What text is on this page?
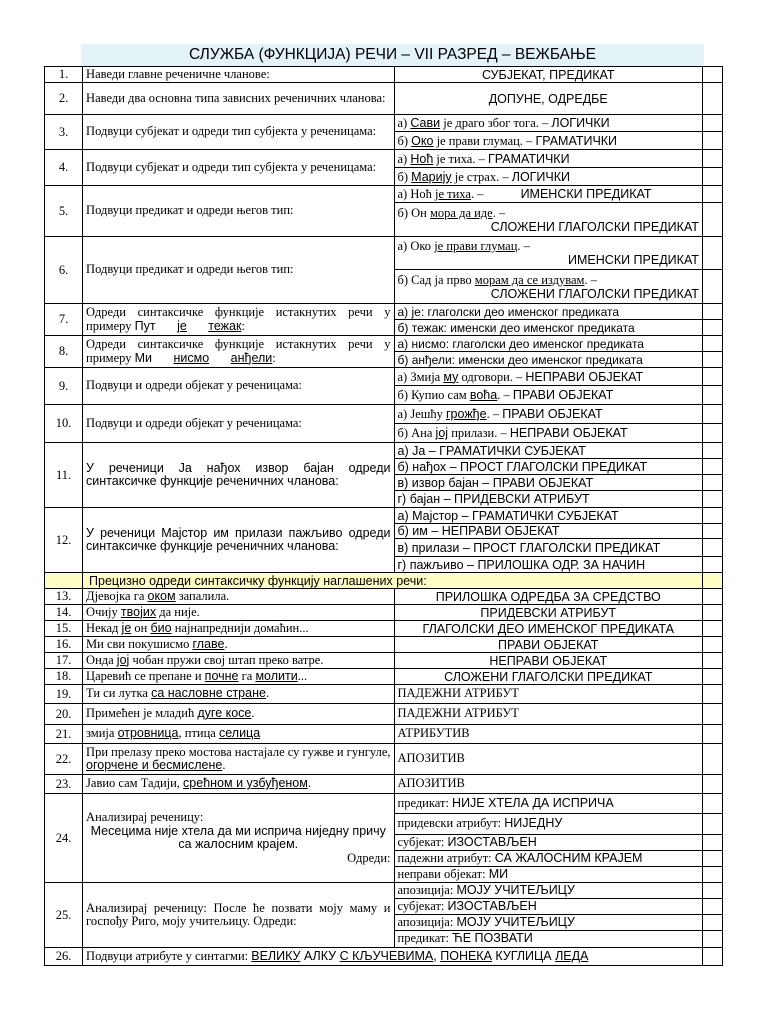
СЛУЖБА (ФУНКЦИЈА) РЕЧИ – VII РАЗРЕД – ВЕЖБАЊЕ
1.	Наведи главне реченичне чланове:	СУБЈЕКАТ, ПРЕДИКАТ	
2.	Наведи два основна типа зависних реченичних чланова:	ДОПУНЕ, ОДРЕДБЕ	
3.	Подвуци субјекат и одреди тип субјекта у реченицама:	а) Сави је драго због тога. – ЛОГИЧКИ	
		б) Око је прави глумац. – ГРАМАТИЧКИ	
4.	Подвуци субјекат и одреди тип субјекта у реченицама:	а) Ноћ је тиха. – ГРАМАТИЧКИ	
		б) Марију је страх. – ЛОГИЧКИ	
5.	Подвуци предикат и одреди његов тип:	а) Ноћ је тиха. – ИМЕНСКИ ПРЕДИКАТ	
		б) Он мора да иде. –
СЛОЖЕНИ ГЛАГОЛСКИ ПРЕДИКАТ	

6.	Подвуци предикат и одреди његов тип:	а) Око је прави глумац. –
ИМЕНСКИ ПРЕДИКАТ	

		б) Сад ја прво морам да се издувам. –
СЛОЖЕНИ ГЛАГОЛСКИ ПРЕДИКАТ	

7.	Одреди синтаксичке функције истакнутих речи у примеру Пут је тежак:	а) је: глаголски део именског предиката	
		б) тежак: именски део именског предиката	
8.	Одреди синтаксичке функције истакнутих речи у примеру Ми нисмо анђели:	а) нисмо: глаголски део именског предиката	
		б) анђели: именски део именског предиката	
9.	Подвуци и одреди објекат у реченицама:	а) Змија му одговори. – НЕПРАВИ ОБЈЕКАТ	
		б) Купио сам воћа. – ПРАВИ ОБЈЕКАТ	
10.	Подвуци и одреди објекат у реченицама:	а) Јешћу грожђе. – ПРАВИ ОБЈЕКАТ	
		б) Ана јој прилази. – НЕПРАВИ ОБЈЕКАТ	
11.	У реченици Ја нађох извор бајан одреди синтаксичке функције реченичних чланова:	а) Ја – ГРАМАТИЧКИ СУБЈЕКАТ	
		б) нађох – ПРОСТ ГЛАГОЛСКИ ПРЕДИКАТ	
		в) извор бајан – ПРАВИ ОБЈЕКАТ	
		г) бајан – ПРИДЕВСКИ АТРИБУТ	
12.	У реченици Мајстор им прилази пажљиво одреди синтаксичке функције реченичних чланова:	а) Мајстор – ГРАМАТИЧКИ СУБЈЕКАТ	
		б) им – НЕПРАВИ ОБЈЕКАТ	
		в) прилази – ПРОСТ ГЛАГОЛСКИ ПРЕДИКАТ	
		г) пажљиво – ПРИЛОШКА ОДР. ЗА НАЧИН	
	Прецизно одреди синтаксичку функцију наглашених речи:		
13.	Дјевојка га оком запалила.	ПРИЛОШКА ОДРЕДБА ЗА СРЕДСТВО	
14.	Очију твојих да није.	ПРИДЕВСКИ АТРИБУТ	
15.	Некад је он био најнапреднији домаћин...	ГЛАГОЛСКИ ДЕО ИМЕНСКОГ ПРЕДИКАТА	
16.	Ми сви покушисмо главе.	ПРАВИ ОБЈЕКАТ	
17.	Онда јој чобан пружи свој штап преко ватре.	НЕПРАВИ ОБЈЕКАТ	
18.	Царевић се препане и почне га молити...	СЛОЖЕНИ ГЛАГОЛСКИ ПРЕДИКАТ	
19.	Ти си лутка са насловне стране.	ПАДЕЖНИ АТРИБУТ	
20.	Примећен је младић дуге косе.	ПАДЕЖНИ АТРИБУТ	
21.	змија отровница, птица селица	АТРИБУТИВ	
22.	При прелазу преко мостова настајале су гужве и гунгуле, огорчене и бесмислене.	АПОЗИТИВ	
23.	Јавио сам Тадији, срећном и узбуђеном.	АПОЗИТИВ	
24.	Анализирај реченицу:
Месецима није хтела да ми исприча ниједну причу са жалосним крајем.
Одреди:	предикат: НИЈЕ ХТЕЛА ДА ИСПРИЧА	
		придевски атрибут: НИЈЕДНУ	
		субјекат: ИЗОСТАВЉЕН	
		падежни атрибут: СА ЖАЛОСНИМ КРАЈЕМ	
		неправи објекат: МИ	
25.	Анализирај реченицу: После ће позвати моју маму и госпођу Риго, моју учитељицу. Одреди:	апозиција: МОЈУ УЧИТЕЉИЦУ	
		субјекат: ИЗОСТАВЉЕН	
		апозиција: МОЈУ УЧИТЕЉИЦУ	
		предикат: ЋЕ ПОЗВАТИ	
26.	Подвуци атрибуте у синтагми: ВЕЛИКУ АЛКУ С КЉУЧЕВИМА, ПОНЕКА КУГЛИЦА ЛЕДА		
